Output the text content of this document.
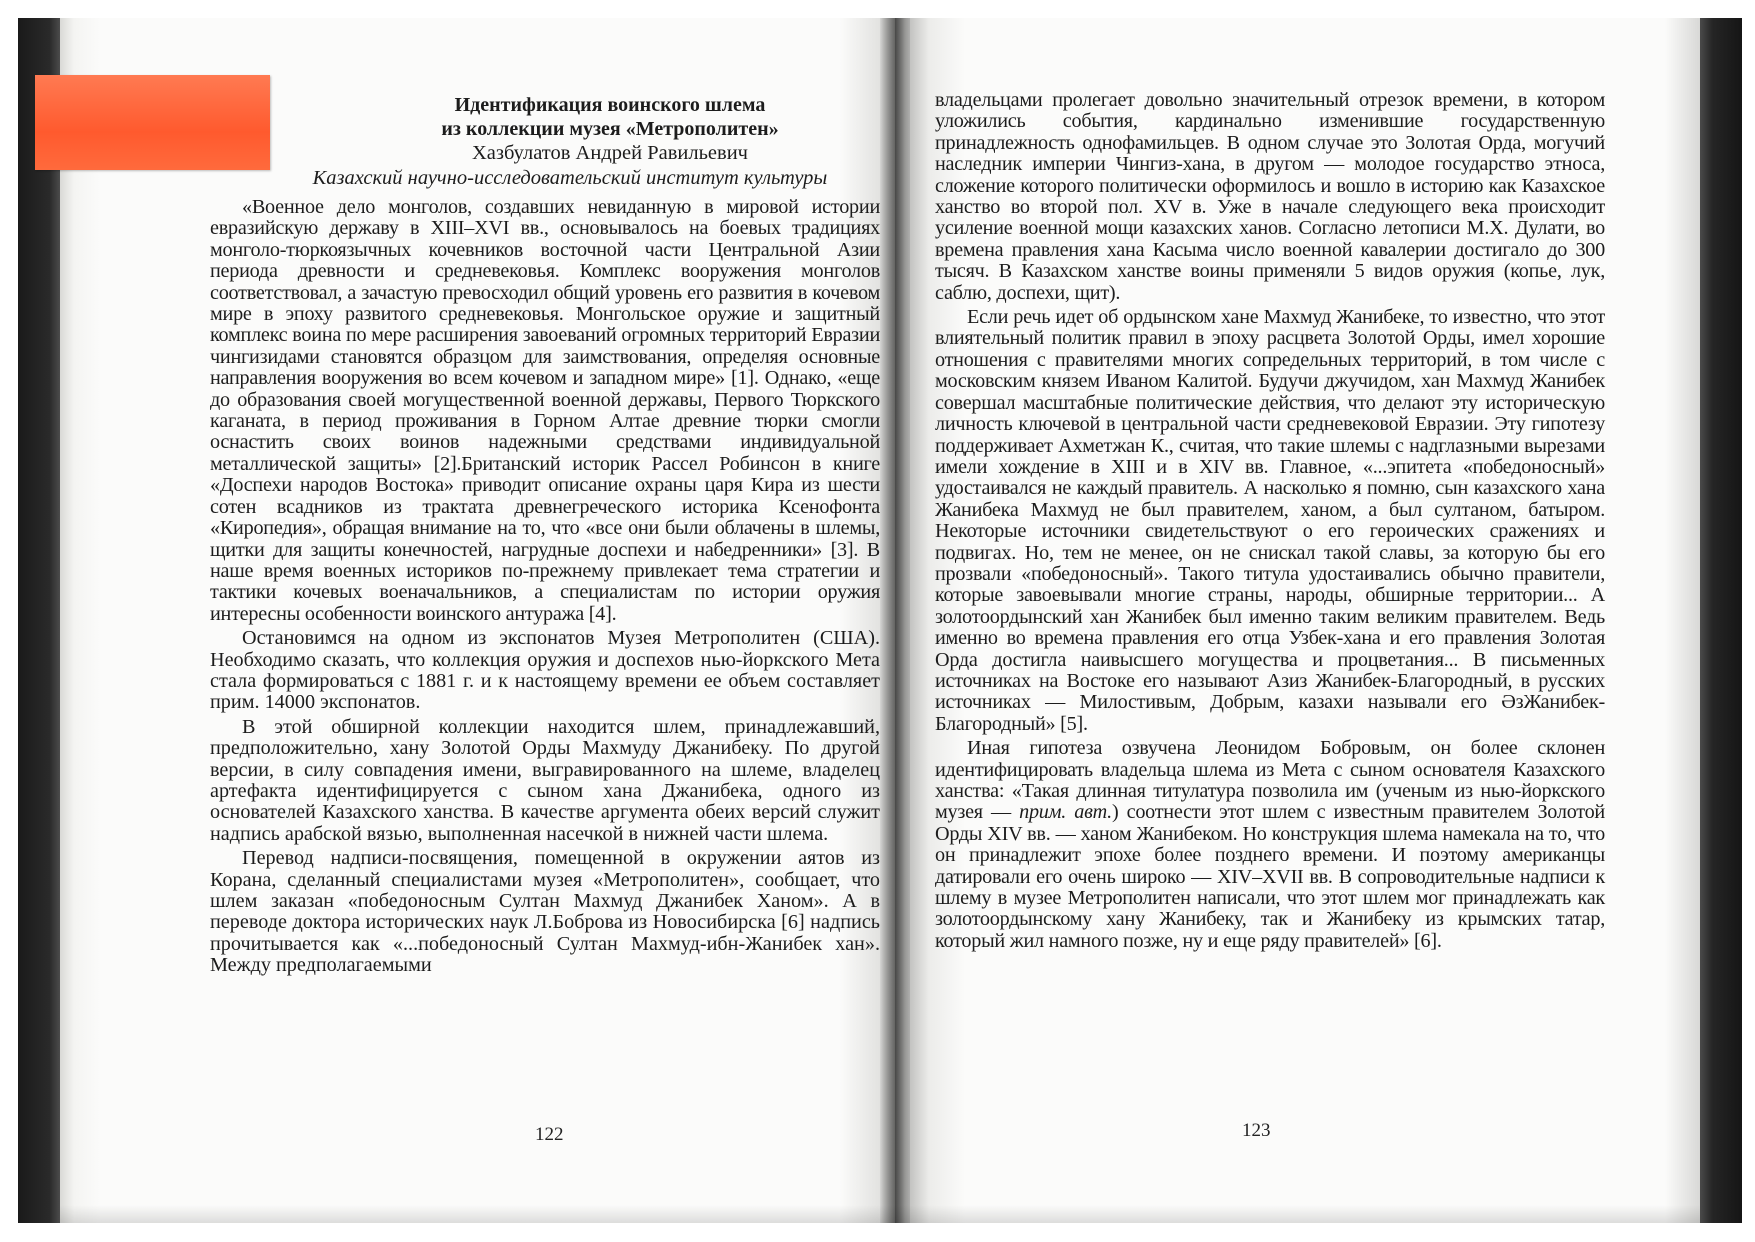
Идентификация воинского шлема
из коллекции музея «Метрополитен»
Хазбулатов Андрей Равильевич
Казахский научно-исследовательский институт культуры

«Военное дело монголов, создавших невиданную в мировой истории евразийскую державу в XIII–XVI вв., основывалось на боевых традициях монголо-тюркоязычных кочевников восточной части Центральной Азии периода древности и средневековья. Комплекс вооружения монголов соответствовал, а зачастую превосходил общий уровень его развития в кочевом мире в эпоху развитого средневековья. Монгольское оружие и защитный комплекс воина по мере расширения завоеваний огромных территорий Евразии чингизидами становятся образцом для заимствования, определяя основные направления вооружения во всем кочевом и западном мире» [1]. Однако, «еще до образования своей могущественной военной державы, Первого Тюркского каганата, в период проживания в Горном Алтае древние тюрки смогли оснастить своих воинов надежными средствами индивидуальной металлической защиты» [2].Британский историк Рассел Робинсон в книге «Доспехи народов Востока» приводит описание охраны царя Кира из шести сотен всадников из трактата древнегреческого историка Ксенофонта «Киропедия», обращая внимание на то, что «все они были облачены в шлемы, щитки для защиты конечностей, нагрудные доспехи и набедренники» [3]. В наше время военных историков по-прежнему привлекает тема стратегии и тактики кочевых военачальников, а специалистам по истории оружия интересны особенности воинского антуража [4].

Остановимся на одном из экспонатов Музея Метрополитен (США). Необходимо сказать, что коллекция оружия и доспехов нью-йоркского Мета стала формироваться с 1881 г. и к настоящему времени ее объем составляет прим. 14000 экспонатов.

В этой обширной коллекции находится шлем, принадлежавший, предположительно, хану Золотой Орды Махмуду Джанибеку. По другой версии, в силу совпадения имени, выгравированного на шлеме, владелец артефакта идентифицируется с сыном хана Джанибека, одного из основателей Казахского ханства. В качестве аргумента обеих версий служит надпись арабской вязью, выполненная насечкой в нижней части шлема.

Перевод надписи-посвящения, помещенной в окружении аятов из Корана, сделанный специалистами музея «Метрополитен», сообщает, что шлем заказан «победоносным Султан Махмуд Джанибек Ханом». А в переводе доктора исторических наук Л.Боброва из Новосибирска [6] надпись прочитывается как «...победоносный Султан Махмуд-ибн-Жанибек хан». Между предполагаемыми

владельцами пролегает довольно значительный отрезок времени, в котором уложились события, кардинально изменившие государственную принадлежность однофамильцев. В одном случае это Золотая Орда, могучий наследник империи Чингиз-хана, в другом — молодое государство этноса, сложение которого политически оформилось и вошло в историю как Казахское ханство во второй пол. XV в. Уже в начале следующего века происходит усиление военной мощи казахских ханов. Согласно летописи М.Х. Дулати, во времена правления хана Касыма число военной кавалерии достигало до 300 тысяч. В Казахском ханстве воины применяли 5 видов оружия (копье, лук, саблю, доспехи, щит).

Если речь идет об ордынском хане Махмуд Жанибеке, то известно, что этот влиятельный политик правил в эпоху расцвета Золотой Орды, имел хорошие отношения с правителями многих сопредельных территорий, в том числе с московским князем Иваном Калитой. Будучи джучидом, хан Махмуд Жанибек совершал масштабные политические действия, что делают эту историческую личность ключевой в центральной части средневековой Евразии. Эту гипотезу поддерживает Ахметжан К., считая, что такие шлемы с надглазными вырезами имели хождение в XIII и в XIV вв. Главное, «...эпитета «победоносный» удостаивался не каждый правитель. А насколько я помню, сын казахского хана Жанибека Махмуд не был правителем, ханом, а был султаном, батыром. Некоторые источники свидетельствуют о его героических сражениях и подвигах. Но, тем не менее, он не снискал такой славы, за которую бы его прозвали «победоносный». Такого титула удостаивались обычно правители, которые завоевывали многие страны, народы, обширные территории... А золотоордынский хан Жанибек был именно таким великим правителем. Ведь именно во времена правления его отца Узбек-хана и его правления Золотая Орда достигла наивысшего могущества и процветания... В письменных источниках на Востоке его называют Азиз Жанибек-Благородный, в русских источниках — Милостивым, Добрым, казахи называли его ӘзЖанибек-Благородный» [5].

Иная гипотеза озвучена Леонидом Бобровым, он более склонен идентифицировать владельца шлема из Мета с сыном основателя Казахского ханства: «Такая длинная титулатура позволила им (ученым из нью-йоркского музея — прим. авт.) соотнести этот шлем с известным правителем Золотой Орды XIV вв. — ханом Жанибеком. Но конструкция шлема намекала на то, что он принадлежит эпохе более позднего времени. И поэтому американцы датировали его очень широко — XIV–XVII вв. В сопроводительные надписи к шлему в музее Метрополитен написали, что этот шлем мог принадлежать как золотоордынскому хану Жанибеку, так и Жанибеку из крымских татар, который жил намного позже, ну и еще ряду правителей» [6].

122	123
